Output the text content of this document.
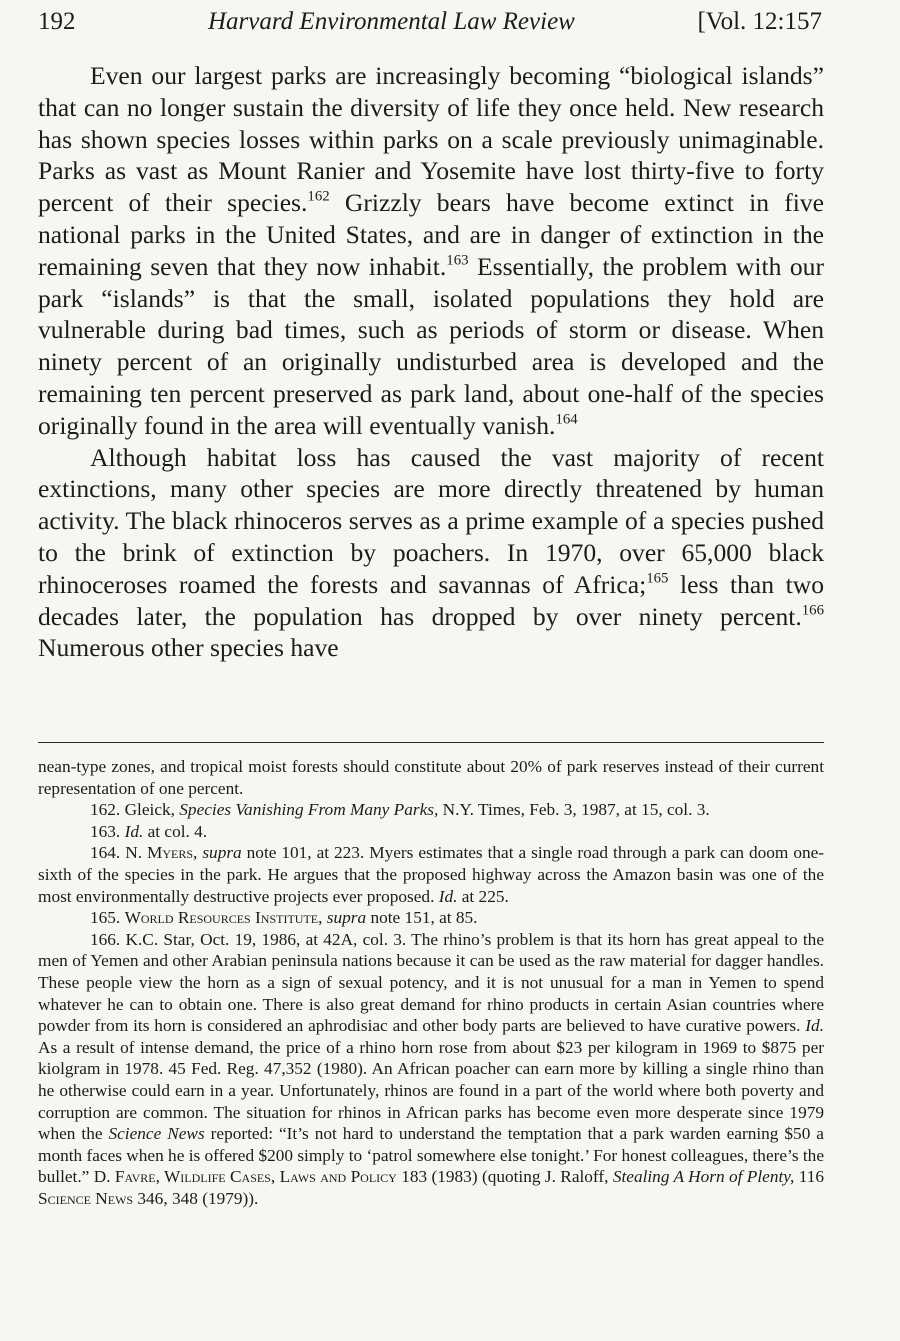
192	Harvard Environmental Law Review	[Vol. 12:157

Even our largest parks are increasingly becoming “biological islands” that can no longer sustain the diversity of life they once held. New research has shown species losses within parks on a scale previously unimaginable. Parks as vast as Mount Ranier and Yosemite have lost thirty-five to forty percent of their species.$^{162}$ Grizzly bears have become extinct in five national parks in the United States, and are in danger of extinction in the remaining seven that they now inhabit.$^{163}$ Essentially, the problem with our park “islands” is that the small, isolated populations they hold are vulnerable during bad times, such as periods of storm or disease. When ninety percent of an originally undisturbed area is developed and the remaining ten percent preserved as park land, about one-half of the species originally found in the area will eventually vanish.$^{164}$

Although habitat loss has caused the vast majority of recent extinctions, many other species are more directly threatened by human activity. The black rhinoceros serves as a prime example of a species pushed to the brink of extinction by poachers. In 1970, over 65,000 black rhinoceroses roamed the forests and savannas of Africa;$^{165}$ less than two decades later, the population has dropped by over ninety percent.$^{166}$ Numerous other species have

nean-type zones, and tropical moist forests should constitute about 20% of park reserves instead of their current representation of one percent.

162. Gleick, Species Vanishing From Many Parks, N.Y. Times, Feb. 3, 1987, at 15, col. 3.

163. Id. at col. 4.

164. N. Myers, supra note 101, at 223. Myers estimates that a single road through a park can doom one-sixth of the species in the park. He argues that the proposed highway across the Amazon basin was one of the most environmentally destructive projects ever proposed. Id. at 225.

165. World Resources Institute, supra note 151, at 85.

166. K.C. Star, Oct. 19, 1986, at 42A, col. 3. The rhino’s problem is that its horn has great appeal to the men of Yemen and other Arabian peninsula nations because it can be used as the raw material for dagger handles. These people view the horn as a sign of sexual potency, and it is not unusual for a man in Yemen to spend whatever he can to obtain one. There is also great demand for rhino products in certain Asian countries where powder from its horn is considered an aphrodisiac and other body parts are believed to have curative powers. Id. As a result of intense demand, the price of a rhino horn rose from about $23 per kilogram in 1969 to $875 per kiolgram in 1978. 45 Fed. Reg. 47,352 (1980). An African poacher can earn more by killing a single rhino than he otherwise could earn in a year. Unfortunately, rhinos are found in a part of the world where both poverty and corruption are common. The situation for rhinos in African parks has become even more desperate since 1979 when the Science News reported: “It’s not hard to understand the temptation that a park warden earning $50 a month faces when he is offered $200 simply to ‘patrol somewhere else tonight.’ For honest colleagues, there’s the bullet.” D. Favre, Wildlife Cases, Laws and Policy 183 (1983) (quoting J. Raloff, Stealing A Horn of Plenty, 116 Science News 346, 348 (1979)).
